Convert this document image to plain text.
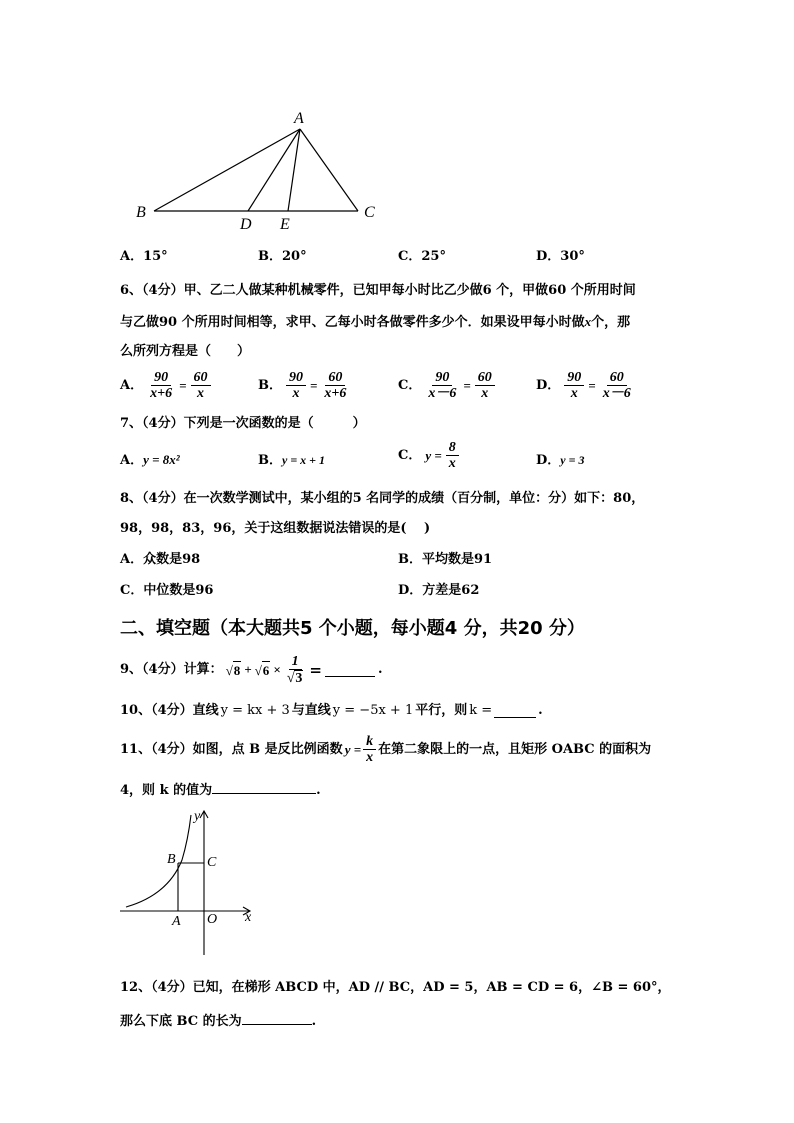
A
B
D E
C
A．15°	B．20°	C．25°	D．30°
6、（4分）甲、乙二人做某种机械零件，已知甲每小时比乙少做6 个，甲做60 个所用时间
与乙做90 个所用时间相等，求甲、乙每小时各做零件多少个．如果设甲每小时做x个，那
么所列方程是（　　）
A． $\frac{90}{x+6} = \frac{60}{x}$	B． $\frac{90}{x} = \frac{60}{x+6}$	C． $\frac{90}{x-6} = \frac{60}{x}$	D． $\frac{90}{x} = \frac{60}{x-6}$
7、（4分）下列是一次函数的是（　　　）
A．y = 8x²	B．y = x + 1	C． $y = \frac{8}{x}$	D．y = 3
8、（4分）在一次数学测试中，某小组的5 名同学的成绩（百分制，单位：分）如下：80，
98，98，83，96，关于这组数据说法错误的是(　 )
A．众数是98	B．平均数是91
C．中位数是96	D．方差是62
二、填空题（本大题共5 个小题，每小题4 分，共20 分）
9、（4分）计算： $√8 + √6 \times \frac{1}{√3}$ =	.
10、（4分）直线 y = kx + 3 与直线 y = −5x + 1 平行，则 k =	.
11、（4分）如图，点 B 是反比例函数 $y = \frac{k}{x}$ 在第二象限上的一点，且矩形 OABC 的面积为
4，则 k 的值为	.
y
B C
A O x
12、（4分）已知，在梯形 ABCD 中，AD // BC，AD = 5，AB = CD = 6，∠B = 60°，
那么下底 BC 的长为	.
